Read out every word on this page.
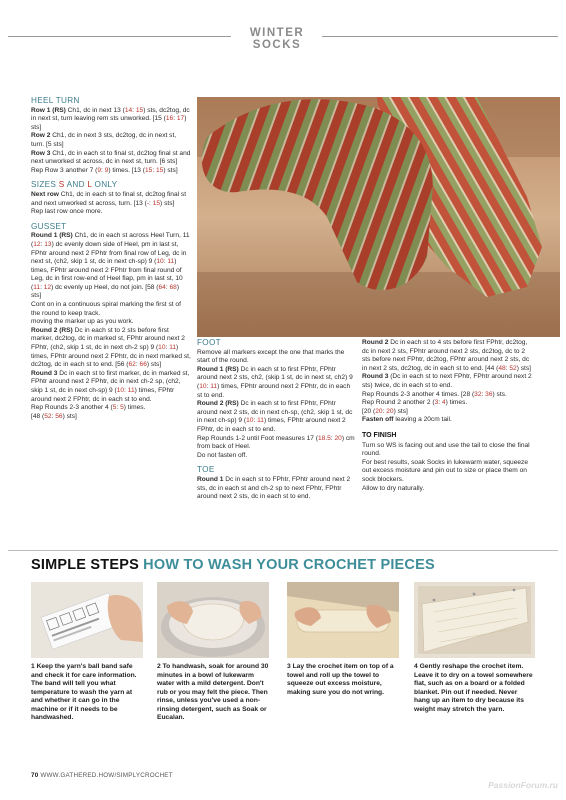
WINTER SOCKS
HEEL TURN

Row 1 (RS) Ch1, dc in next 13 (14: 15) sts, dc2tog, dc in next st, turn leaving rem sts unworked. [15 (16: 17) sts]

Row 2 Ch1, dc in next 3 sts, dc2tog, dc in next st, turn. [5 sts]

Row 3 Ch1, dc in each st to final st, dc2tog final st and next unworked st across, dc in next st, turn. [6 sts]

Rep Row 3 another 7 (9: 9) times. [13 (15: 15) sts]

SIZES S AND L ONLY

Next row Ch1, dc in each st to final st, dc2tog final st and next unworked st across, turn. [13 (-: 15) sts]

Rep last row once more.

GUSSET

Round 1 (RS) Ch1, dc in each st across Heel Turn, 11 (12: 13) dc evenly down side of Heel, pm in last st, FPhtr around next 2 FPhtr from final row of Leg, dc in next st, (ch2, skip 1 st, dc in next ch-sp) 9 (10: 11) times, FPhtr around next 2 FPhtr from final round of Leg, dc in first row-end of Heel flap, pm in last st, 10 (11: 12) dc evenly up Heel, do not join. [58 (64: 68) sts]

Cont on in a continuous spiral marking the first st of the round to keep track.

moving the marker up as you work.

Round 2 (RS) Dc in each st to 2 sts before first marker, dc2tog, dc in marked st, FPhtr around next 2 FPhtr, (ch2, skip 1 st, dc in next ch-2 sp) 9 (10: 11) times, FPhtr around next 2 FPhtr, dc in next marked st, dc2tog, dc in each st to end. [56 (62: 66) sts]

Round 3 Dc in each st to first marker, dc in marked st, FPhtr around next 2 FPhtr, dc in next ch-2 sp, (ch2, skip 1 st, dc in next ch-sp) 9 (10: 11) times, FPhtr around next 2 FPhtr, dc in each st to end.

Rep Rounds 2-3 another 4 (5: 5) times.

[48 (52: 56) sts]

FOOT

Remove all markers except the one that marks the start of the round.

Round 1 (RS) Dc in each st to first FPhtr, FPhtr around next 2 sts, ch2, (skip 1 st, dc in next st, ch2) 9 (10: 11) times, FPhtr around next 2 FPhtr, dc in each st to end.

Round 2 (RS) Dc in each st to first FPhtr, FPhtr around next 2 sts, dc in next ch-sp, (ch2, skip 1 st, dc in next ch-sp) 9 (10: 11) times, FPhtr around next 2 FPhtr, dc in each st to end.

Rep Rounds 1-2 until Foot measures 17 (18.5: 20) cm from back of Heel.

Do not fasten off.

TOE

Round 1 Dc in each st to FPhtr, FPhtr around next 2 sts, dc in each st and ch-2 sp to next FPhtr, FPhtr around next 2 sts, dc in each st to end.

Round 2 Dc in each st to 4 sts before first FPhtr, dc2tog, dc in next 2 sts, FPhtr around next 2 sts, dc2tog, dc to 2 sts before next FPhtr, dc2tog, FPhtr around next 2 sts, dc in next 2 sts, dc2tog, dc in each st to end. [44 (48: 52) sts]

Round 3 (Dc in each st to next FPhtr, FPhtr around next 2 sts) twice, dc in each st to end.

Rep Rounds 2-3 another 4 times. [28 (32: 36) sts.

Rep Round 2 another 2 (3: 4) times.

[20 (20: 20) sts]

Fasten off leaving a 20cm tail.

TO FINISH

Turn so WS is facing out and use the tail to close the final round.

For best results, soak Socks in lukewarm water, squeeze out excess moisture and pin out to size or place them on sock blockers.

Allow to dry naturally.

SIMPLE STEPS HOW TO WASH YOUR CROCHET PIECES
1 Keep the yarn's ball band safe and check it for care information. The band will tell you what temperature to wash the yarn at and whether it can go in the machine or if it needs to be handwashed.
2 To handwash, soak for around 30 minutes in a bowl of lukewarm water with a mild detergent. Don't rub or you may felt the piece. Then rinse, unless you've used a non-rinsing detergent, such as Soak or Eucalan.
3 Lay the crochet item on top of a towel and roll up the towel to squeeze out excess moisture, making sure you do not wring.
4 Gently reshape the crochet item. Leave it to dry on a towel somewhere flat, such as on a board or a folded blanket. Pin out if needed. Never hang up an item to dry because its weight may stretch the yarn.
70 WWW.GATHERED.HOW/SIMPLYCROCHET
PassionForum.ru
